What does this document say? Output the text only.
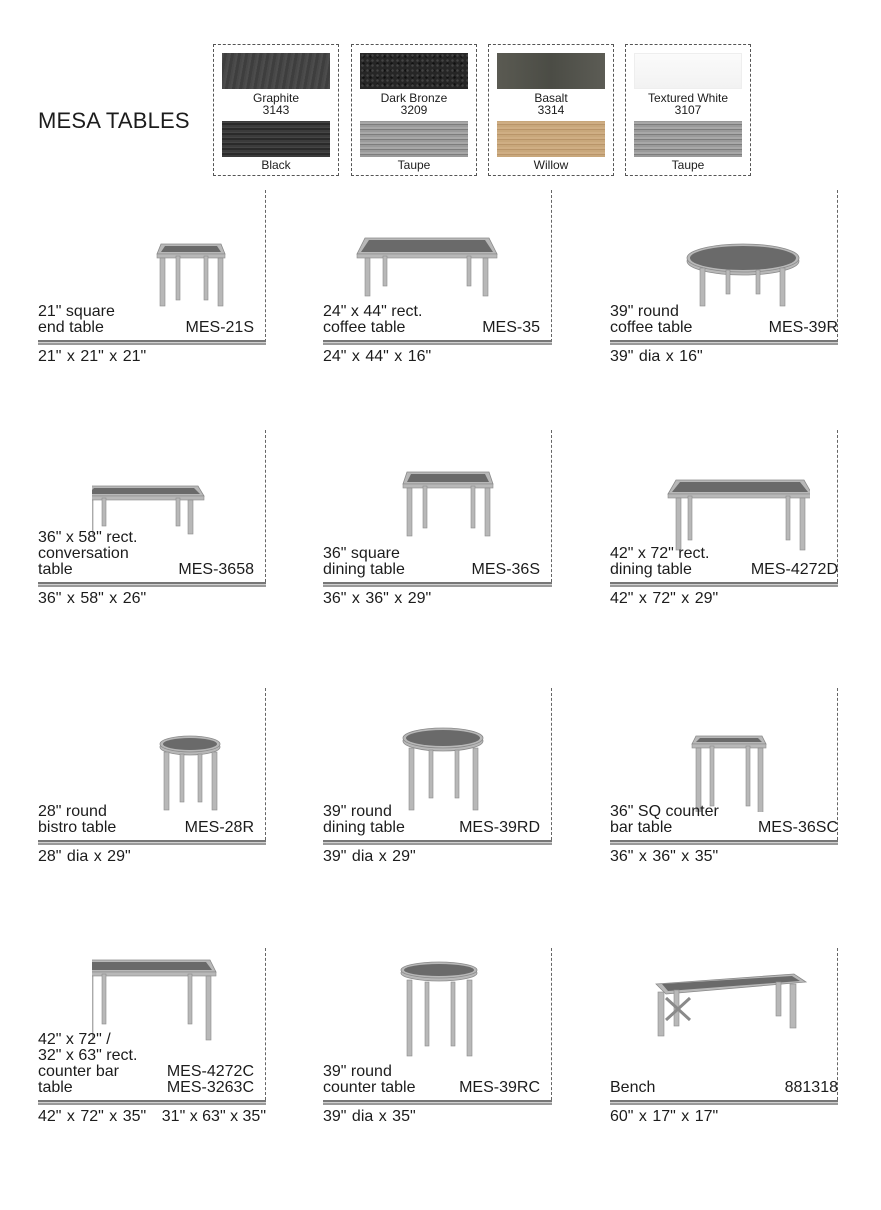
MESA TABLES
Graphite
3143
Black
Dark Bronze
3209
Taupe
Basalt
3314
Willow
Textured White
3107
Taupe
21" square
end table	MES-21S
21" x 21" x 21"
24" x 44" rect.
coffee table	MES-35
24" x 44" x 16"
39" round
coffee table	MES-39R
39" dia x 16"
36" x 58" rect.
conversation
table	MES-3658
36" x 58" x 26"
36" square
dining table	MES-36S
36" x 36" x 29"
42" x 72" rect.
dining table	MES-4272D
42" x 72" x 29"
28" round
bistro table	MES-28R
28" dia x 29"
39" round
dining table	MES-39RD
39" dia x 29"
36" SQ counter
bar table	MES-36SC
36" x 36" x 35"
42" x 72" /
32" x 63" rect.
counter bar
table
MES-4272C
MES-3263C
42" x 72" x 35" 31" x 63" x 35"
39" round
counter table	MES-39RC
39" dia x 35"
Bench	881318
60" x 17" x 17"
